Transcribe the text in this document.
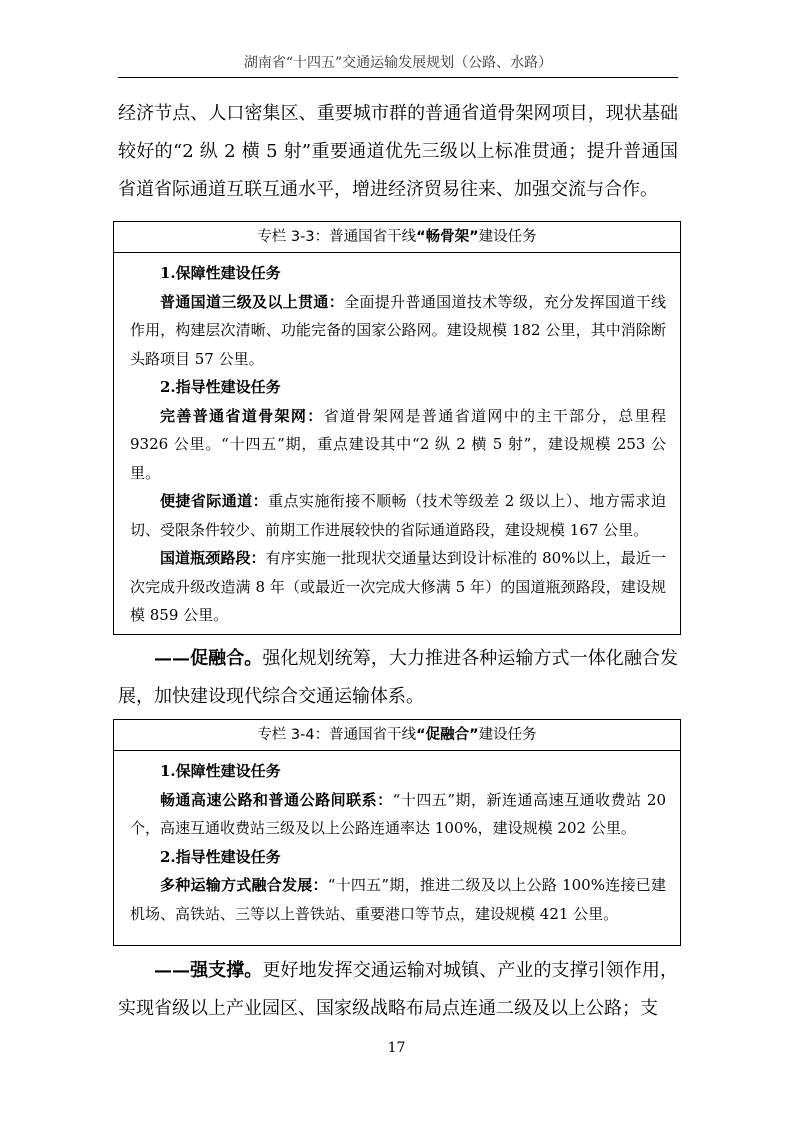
湖南省“十四五”交通运输发展规划（公路、水路）

经济节点、人口密集区、重要城市群的普通省道骨架网项目，现状基础较好的“2 纵 2 横 5 射”重要通道优先三级以上标准贯通；提升普通国省道省际通道互联互通水平，增进经济贸易往来、加强交流与合作。

专栏 3-3：普通国省干线“畅骨架”建设任务

1.保障性建设任务

普通国道三级及以上贯通：全面提升普通国道技术等级，充分发挥国道干线作用，构建层次清晰、功能完备的国家公路网。建设规模 182 公里，其中消除断头路项目 57 公里。

2.指导性建设任务

完善普通省道骨架网：省道骨架网是普通省道网中的主干部分，总里程 9326 公里。“十四五”期，重点建设其中“2 纵 2 横 5 射”，建设规模 253 公里。

便捷省际通道：重点实施衔接不顺畅（技术等级差 2 级以上）、地方需求迫切、受限条件较少、前期工作进展较快的省际通道路段，建设规模 167 公里。

国道瓶颈路段：有序实施一批现状交通量达到设计标准的 80%以上，最近一次完成升级改造满 8 年（或最近一次完成大修满 5 年）的国道瓶颈路段，建设规模 859 公里。

——促融合。强化规划统筹，大力推进各种运输方式一体化融合发展，加快建设现代综合交通运输体系。

专栏 3-4：普通国省干线“促融合”建设任务

1.保障性建设任务

畅通高速公路和普通公路间联系：“十四五”期，新连通高速互通收费站 20 个，高速互通收费站三级及以上公路连通率达 100%，建设规模 202 公里。

2.指导性建设任务

多种运输方式融合发展：“十四五”期，推进二级及以上公路 100%连接已建机场、高铁站、三等以上普铁站、重要港口等节点，建设规模 421 公里。

——强支撑。更好地发挥交通运输对城镇、产业的支撑引领作用，实现省级以上产业园区、国家级战略布局点连通二级及以上公路；支

17
